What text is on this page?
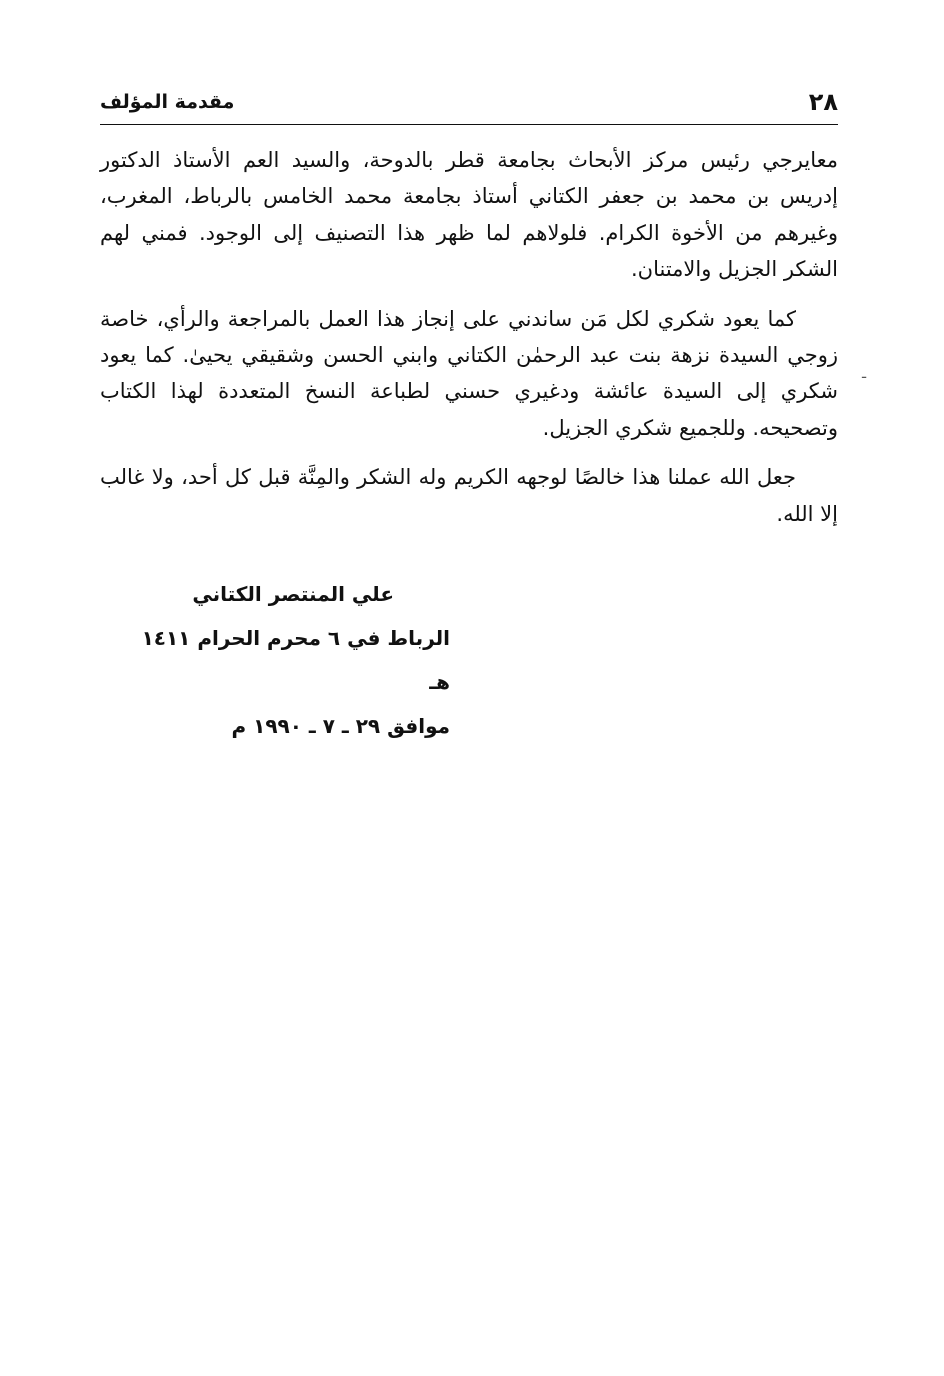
٢٨
مقدمة المؤلف

معايرجي رئيس مركز الأبحاث بجامعة قطر بالدوحة، والسيد العم الأستاذ الدكتور إدريس بن محمد بن جعفر الكتاني أستاذ بجامعة محمد الخامس بالرباط، المغرب، وغيرهم من الأخوة الكرام. فلولاهم لما ظهر هذا التصنيف إلى الوجود. فمني لهم الشكر الجزيل والامتنان.

كما يعود شكري لكل مَن ساندني على إنجاز هذا العمل بالمراجعة والرأي، خاصة زوجي السيدة نزهة بنت عبد الرحمٰن الكتاني وابني الحسن وشقيقي يحيىٰ. كما يعود شكري إلى السيدة عائشة ودغيري حسني لطباعة النسخ المتعددة لهذا الكتاب وتصحيحه. وللجميع شكري الجزيل.

جعل الله عملنا هذا خالصًا لوجهه الكريم وله الشكر والمِنَّة قبل كل أحد، ولا غالب إلا الله.

علي المنتصر الكتاني
الرباط في ٦ محرم الحرام ١٤١١ هـ
موافق ٢٩ ـ ٧ ـ ١٩٩٠ م
ـ
